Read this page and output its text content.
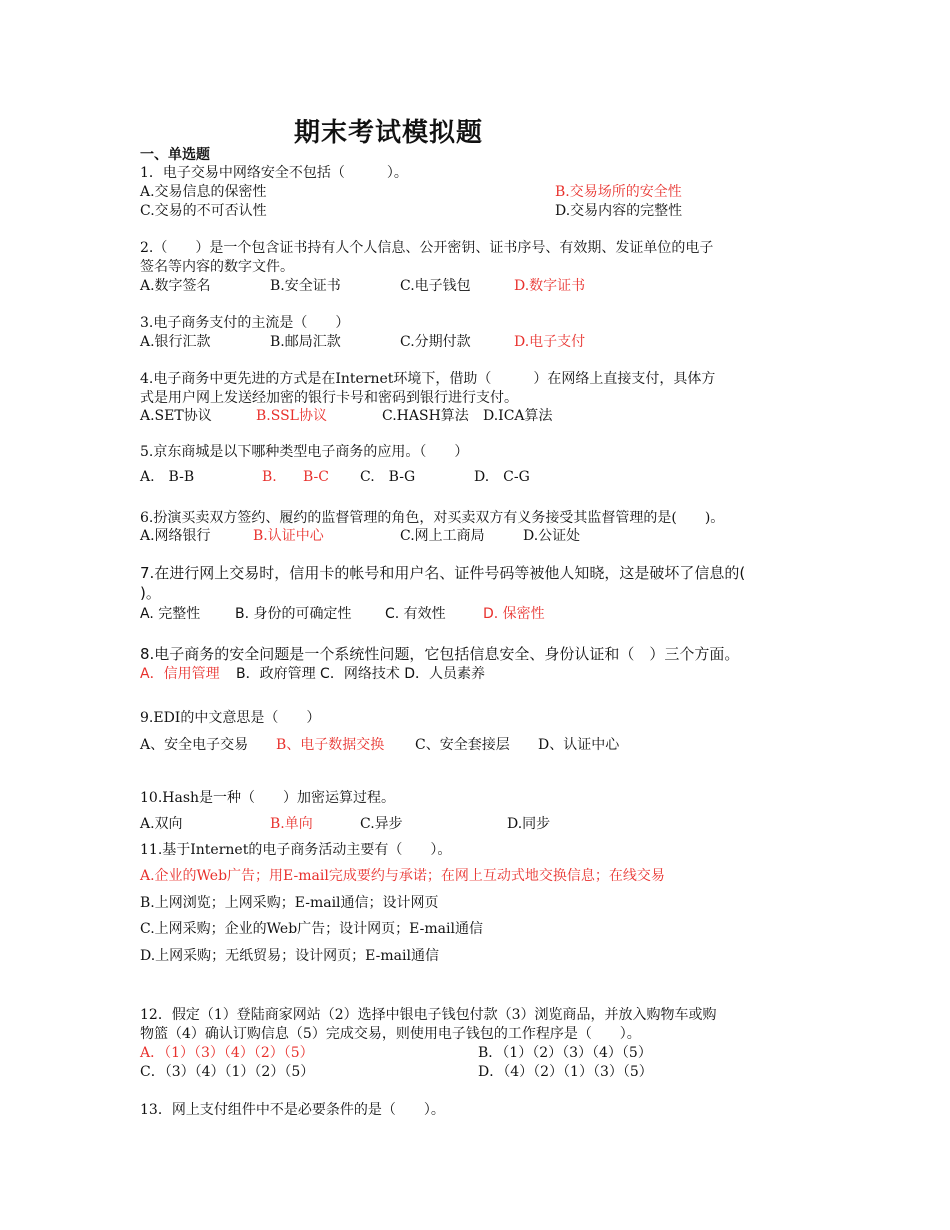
期末考试模拟题
一、单选题
1．电子交易中网络安全不包括（　　　）。
A.交易信息的保密性	B.交易场所的安全性
C.交易的不可否认性	D.交易内容的完整性
2.（　　）是一个包含证书持有人个人信息、公开密钥、证书序号、有效期、发证单位的电子
签名等内容的数字文件。
A.数字签名	B.安全证书	C.电子钱包	D.数字证书
3.电子商务支付的主流是（　　）
A.银行汇款	B.邮局汇款	C.分期付款	D.电子支付
4.电子商务中更先进的方式是在Internet环境下，借助（　　　）在网络上直接支付，具体方
式是用户网上发送经加密的银行卡号和密码到银行进行支付。
A.SET协议	B.SSL协议	C.HASH算法 D.ICA算法
5.京东商城是以下哪种类型电子商务的应用。（　　）
A.　B-B	B. B-C C.　B-G	D.　C-G
6.扮演买卖双方签约、履约的监督管理的角色，对买卖双方有义务接受其监督管理的是(　　)。
A.网络银行	B.认证中心	C.网上工商局	D.公证处
7.在进行网上交易时，信用卡的帐号和用户名、证件号码等被他人知晓，这是破坏了信息的(
)。
A. 完整性 B. 身份的可确定性 C. 有效性	D. 保密性
8.电子商务的安全问题是一个系统性问题，它包括信息安全、身份认证和（　）三个方面。
A．信用管理 B．政府管理 C．网络技术 D．人员素养
9.EDI的中文意思是（　　）
A、安全电子交易 B、电子数据交换 C、安全套接层 D、认证中心
10.Hash是一种（　　）加密运算过程。
A.双向	B.单向	C.异步	D.同步
11.基于Internet的电子商务活动主要有（　　）。
A.企业的Web广告；用E-mail完成要约与承诺；在网上互动式地交换信息；在线交易
B.上网浏览；上网采购；E-mail通信；设计网页
C.上网采购；企业的Web广告；设计网页；E-mail通信
D.上网采购；无纸贸易；设计网页；E-mail通信
12．假定（1）登陆商家网站（2）选择中银电子钱包付款（3）浏览商品，并放入购物车或购
物篮（4）确认订购信息（5）完成交易，则使用电子钱包的工作程序是（　　）。
A．（1）（3）（4）（2）（5）	B．（1）（2）（3）（4）（5）
C．（3）（4）（1）（2）（5）	D．（4）（2）（1）（3）（5）
13．网上支付组件中不是必要条件的是（　　）。
